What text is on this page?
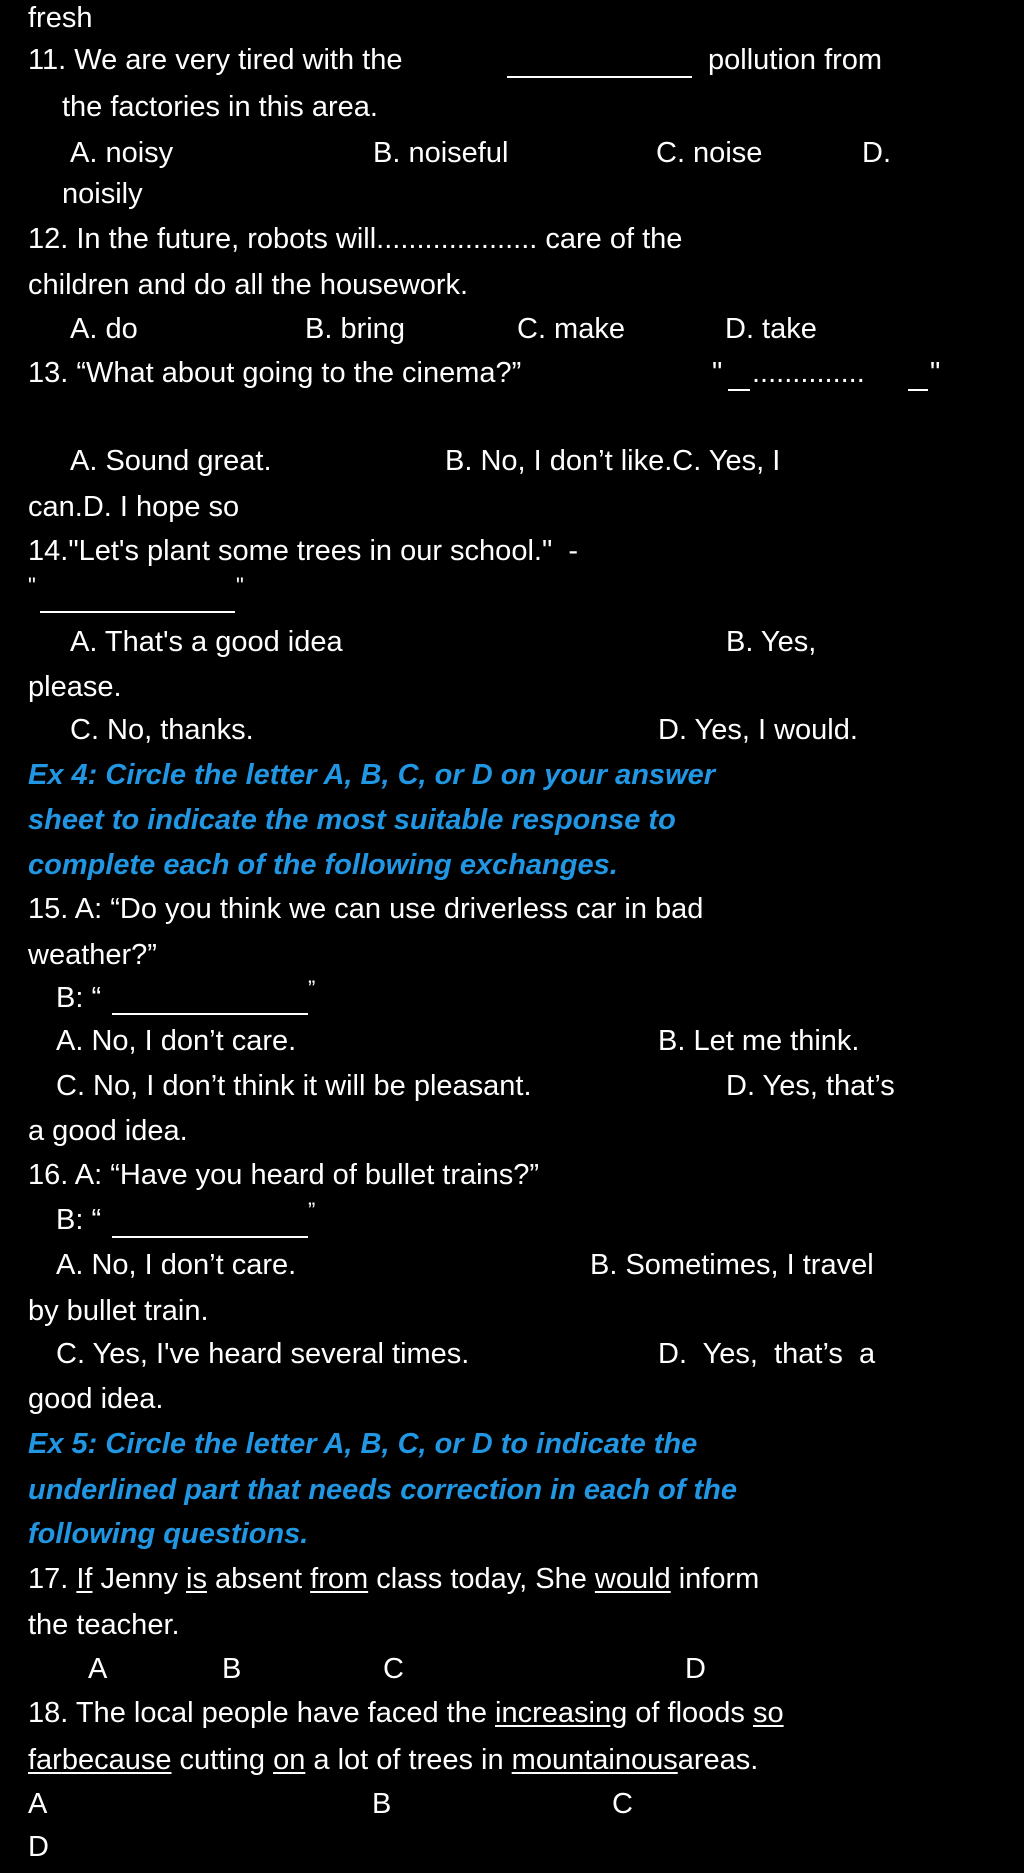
fresh
11. We are very tired with the	pollution from
the factories in this area.
A. noisy	B. noiseful	C. noise	D.
noisily
12. In the future, robots will.................... care of the
children and do all the housework.
A. do	B. bring	C. make	D. take
13. “What about going to the cinema?”	" .............. "
A. Sound great.	B. No, I don’t like.C. Yes, I
can.D. I hope so
14."Let's plant some trees in our school."  -
"	"
A. That's a good idea	B. Yes,
please.
C. No, thanks.	D. Yes, I would.
Ex 4: Circle the letter A, B, C, or D on your answer
sheet to indicate the most suitable response to
complete each of the following exchanges.
15. A: “Do you think we can use driverless car in bad
weather?”
B: “	”
A. No, I don’t care.	B. Let me think.
C. No, I don’t think it will be pleasant.	D. Yes, that’s
a good idea.
16. A: “Have you heard of bullet trains?”
B: “	”
A. No, I don’t care.	B. Sometimes, I travel
by bullet train.
C. Yes, I've heard several times.	D.  Yes,  that’s  a
good idea.
Ex 5: Circle the letter A, B, C, or D to indicate the
underlined part that needs correction in each of the
following questions.
17. If Jenny is absent from class today, She would inform
the teacher.
A	B	C	D
18. The local people have faced the increasing of floods so
farbecause cutting on a lot of trees in mountainousareas.
A	B	C
D
